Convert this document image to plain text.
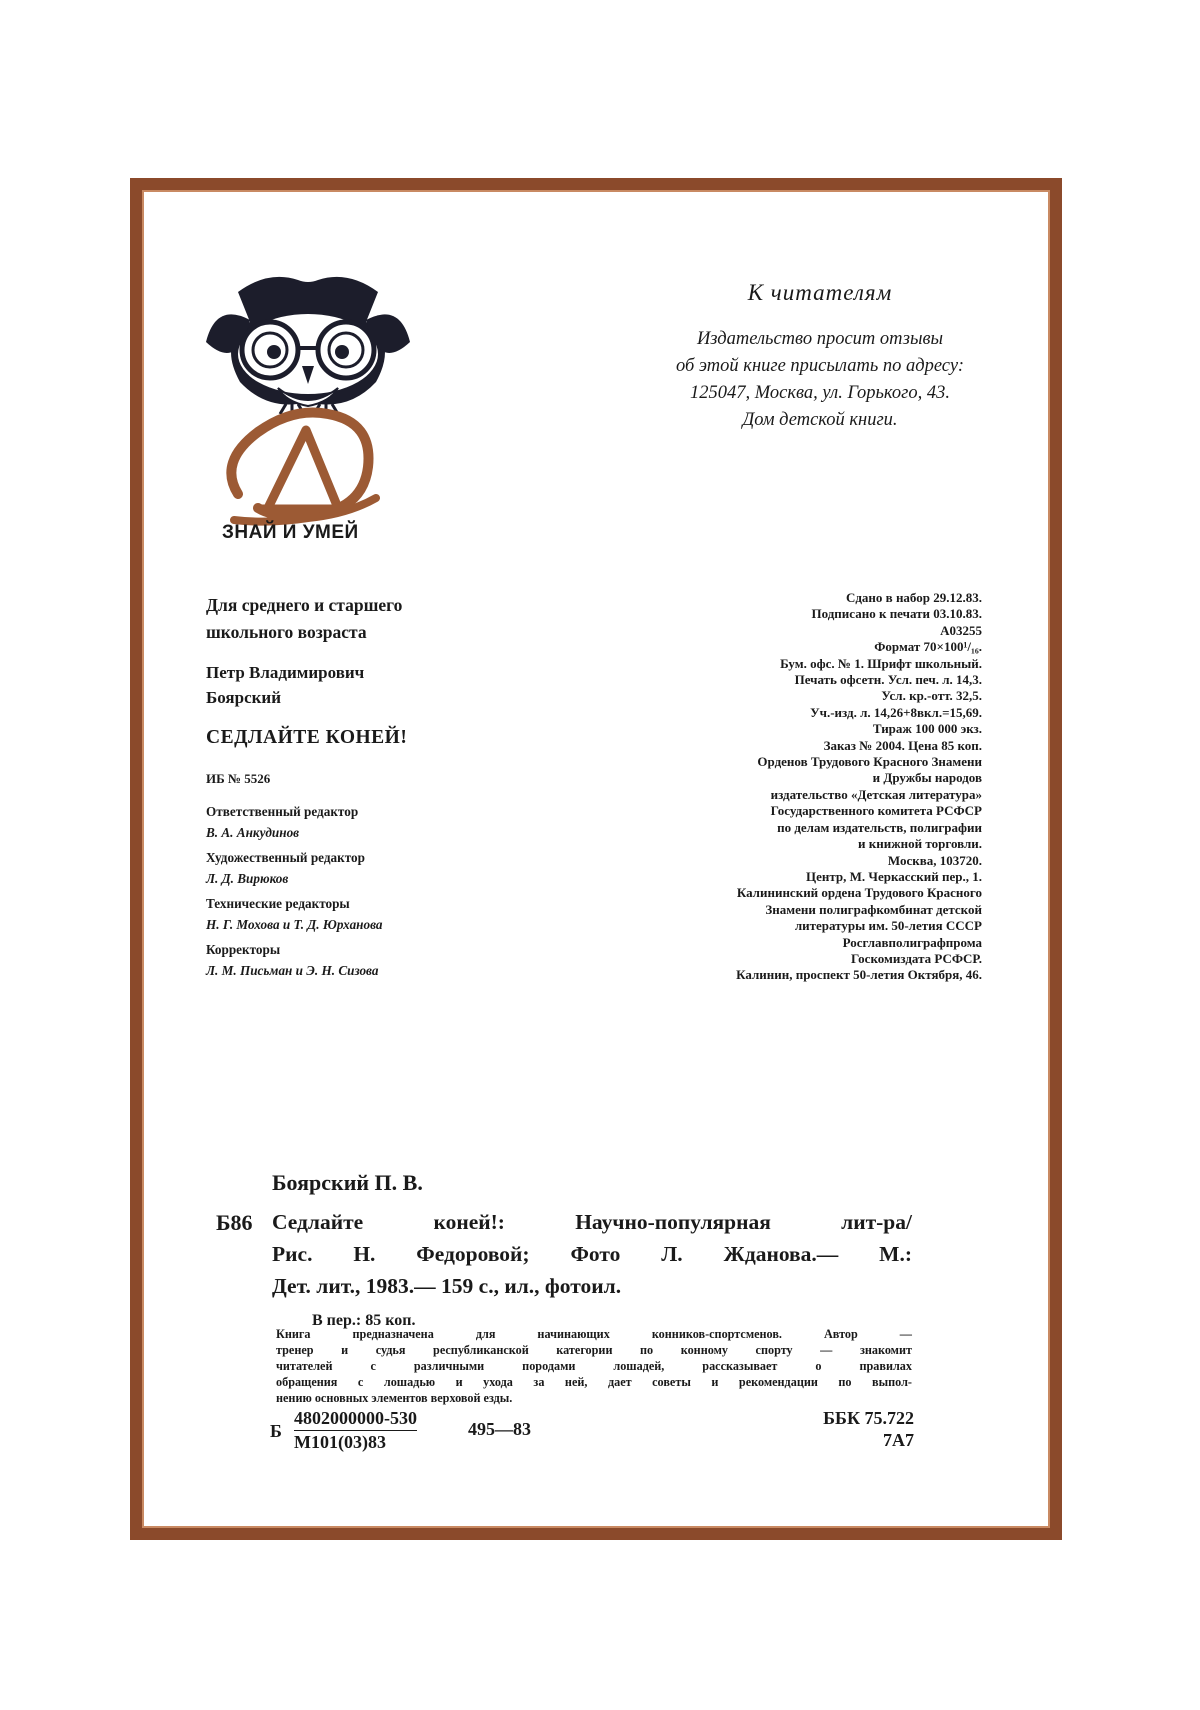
ЗНАЙ И УМЕЙ
К читателям
Издательство просит отзывы
об этой книге присылать по адресу:
125047, Москва, ул. Горького, 43.
Дом детской книги.
Для среднего и старшего
школьного возраста
Петр Владимирович
Боярский
СЕДЛАЙТЕ КОНЕЙ!
ИБ № 5526
Ответственный редактор
В. А. Анкудинов
Художественный редактор
Л. Д. Вирюков
Технические редакторы
Н. Г. Мохова и Т. Д. Юрханова
Корректоры
Л. М. Письман и Э. Н. Сизова
Сдано в набор 29.12.83.
Подписано к печати 03.10.83.
А03255
Формат 70×100¹/₁₆.
Бум. офс. № 1. Шрифт школьный.
Печать офсетн. Усл. печ. л. 14,3.
Усл. кр.-отт. 32,5.
Уч.-изд. л. 14,26+8вкл.=15,69.
Тираж 100 000 экз.
Заказ № 2004. Цена 85 коп.
Орденов Трудового Красного Знамени
и Дружбы народов
издательство «Детская литература»
Государственного комитета РСФСР
по делам издательств, полиграфии
и книжной торговли.
Москва, 103720.
Центр, М. Черкасский пер., 1.
Калининский ордена Трудового Красного
Знамени полиграфкомбинат детской
литературы им. 50-летия СССР
Росглавполиграфпрома
Госкомиздата РСФСР.
Калинин, проспект 50-летия Октября, 46.
Боярский П. В.
Б86 Седлайте коней!: Научно-популярная лит-ра/
Рис. Н. Федоровой; Фото Л. Жданова.— М.:
Дет. лит., 1983.— 159 с., ил., фотоил.
В пер.: 85 коп.
Книга предназначена для начинающих конников-спортсменов. Автор —
тренер и судья республиканской категории по конному спорту — знакомит
читателей с различными породами лошадей, рассказывает о правилах
обращения с лошадью и ухода за ней, дает советы и рекомендации по выпол-
нению основных элементов верховой езды.
Б
4802000000-530
М101(03)83
495—83
ББК 75.722
7А7
